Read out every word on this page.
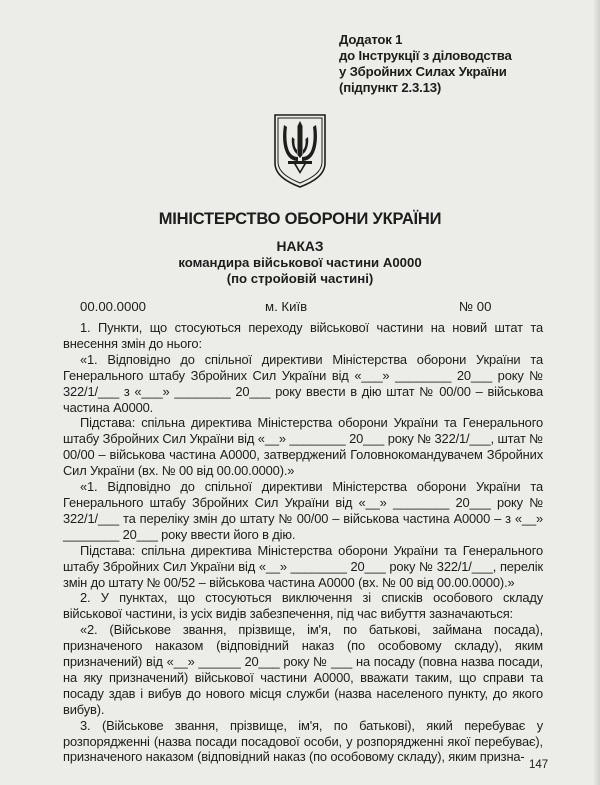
Додаток 1
до Інструкції з діловодства
у Збройних Силах України
(підпункт 2.3.13)
МІНІСТЕРСТВО ОБОРОНИ УКРАЇНИ
НАКАЗ
командира військової частини А0000
(по стройовій частині)
00.00.0000	м. Київ	№ 00

1. Пункти, що стосуються переходу військової частини на новий штат та внесення змін до нього:

«1. Відповідно до спільної директиви Міністерства оборони України та Генерального штабу Збройних Сил України від «___» ________ 20___ року № 322/1/___ з «___» ________ 20___ року ввести в дію штат № 00/00 – військова частина А0000.

Підстава: спільна директива Міністерства оборони України та Генерального штабу Збройних Сил України від «__» ________ 20___ року № 322/1/___, штат № 00/00 – військова частина А0000, затверджений Головнокомандувачем Збройних Сил України (вх. № 00 від 00.00.0000).»

«1. Відповідно до спільної директиви Міністерства оборони України та Генерального штабу Збройних Сил України від «__» ________ 20___ року № 322/1/___ та переліку змін до штату № 00/00 – військова частина А0000 – з «__» ________ 20___ року ввести його в дію.

Підстава: спільна директива Міністерства оборони України та Генерального штабу Збройних Сил України від «__» ________ 20___ року № 322/1/___, перелік змін до штату № 00/52 – військова частина А0000 (вх. № 00 від 00.00.0000).»

2. У пунктах, що стосуються виключення зі списків особового складу військової частини, із усіх видів забезпечення, під час вибуття зазначаються:

«2. (Військове звання, прізвище, ім'я, по батькові, займана посада), призначеного наказом (відповідний наказ (по особовому складу), яким призначений) від «__» ______ 20___ року № ___ на посаду (повна назва посади, на яку призначений) військової частини А0000, вважати таким, що справи та посаду здав і вибув до нового місця служби (назва населеного пункту, до якого вибув).

3. (Військове звання, прізвище, ім'я, по батькові), який перебуває у розпорядженні (назва посади посадової особи, у розпорядженні якої перебуває), призначеного наказом (відповідний наказ (по особовому складу), яким призна-

147
